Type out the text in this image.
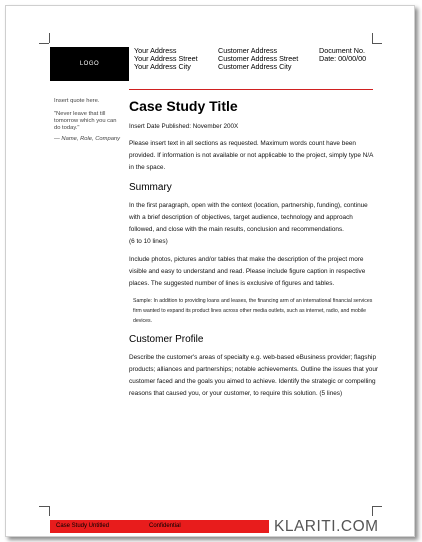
LOGO
Your Address
Your Address Street
Your Address City
Customer Address
Customer Address Street
Customer Address City
Document No.
Date: 00/00/00
Insert quote here.
"Never leave that till tomorrow which you can do today."
— Name, Role, Company
Case Study Title
Insert Date Published: November 200X

Please insert text in all sections as requested. Maximum words count have been provided. If information is not available or not applicable to the project, simply type N/A in the space.

Summary

In the first paragraph, open with the context (location, partnership, funding), continue with a brief description of objectives, target audience, technology and approach followed, and close with the main results, conclusion and recommendations.
(6 to 10 lines)

Include photos, pictures and/or tables that make the description of the project more visible and easy to understand and read. Please include figure caption in respective places. The suggested number of lines is exclusive of figures and tables.

Sample: In addition to providing loans and leases, the financing arm of an international financial services firm wanted to expand its product lines across other media outlets, such as internet, radio, and mobile devices.

Customer Profile

Describe the customer's areas of specialty e.g. web-based eBusiness provider; flagship products; alliances and partnerships; notable achievements. Outline the issues that your customer faced and the goals you aimed to achieve. Identify the strategic or compelling reasons that caused you, or your customer, to require this solution. (5 lines)

Case Study Untitled	Confidential	KLARITI.COM
